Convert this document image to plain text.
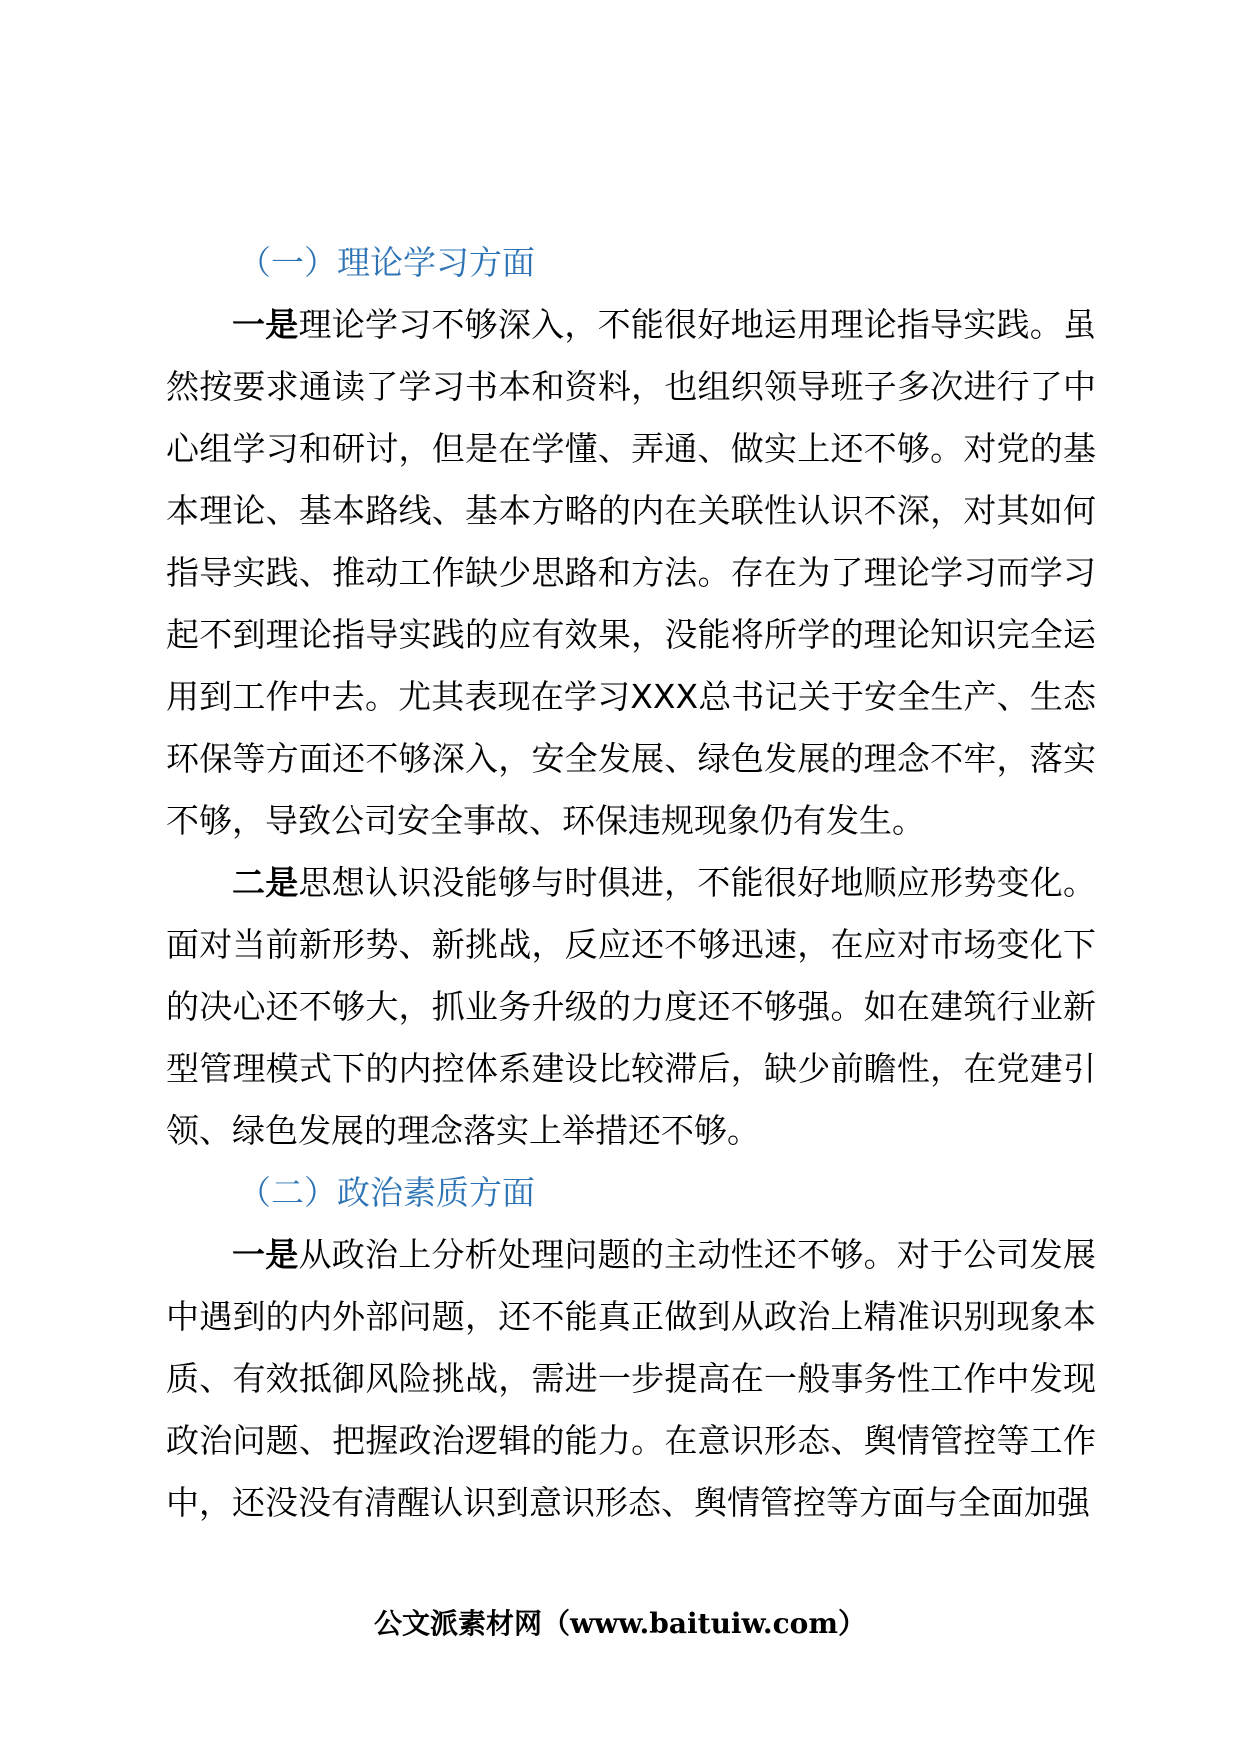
（一）理论学习方面

一是理论学习不够深入，不能很好地运用理论指导实践。虽然按要求通读了学习书本和资料，也组织领导班子多次进行了中心组学习和研讨，但是在学懂、弄通、做实上还不够。对党的基本理论、基本路线、基本方略的内在关联性认识不深，对其如何指导实践、推动工作缺少思路和方法。存在为了理论学习而学习起不到理论指导实践的应有效果，没能将所学的理论知识完全运用到工作中去。尤其表现在学习XXX总书记关于安全生产、生态环保等方面还不够深入，安全发展、绿色发展的理念不牢，落实不够，导致公司安全事故、环保违规现象仍有发生。

二是思想认识没能够与时俱进，不能很好地顺应形势变化。面对当前新形势、新挑战，反应还不够迅速，在应对市场变化下的决心还不够大，抓业务升级的力度还不够强。如在建筑行业新型管理模式下的内控体系建设比较滞后，缺少前瞻性，在党建引领、绿色发展的理念落实上举措还不够。

（二）政治素质方面

一是从政治上分析处理问题的主动性还不够。对于公司发展中遇到的内外部问题，还不能真正做到从政治上精准识别现象本质、有效抵御风险挑战，需进一步提高在一般事务性工作中发现政治问题、把握政治逻辑的能力。在意识形态、舆情管控等工作中，还没没有清醒认识到意识形态、舆情管控等方面与全面加强

公文派素材网（www.baituiw.com）
